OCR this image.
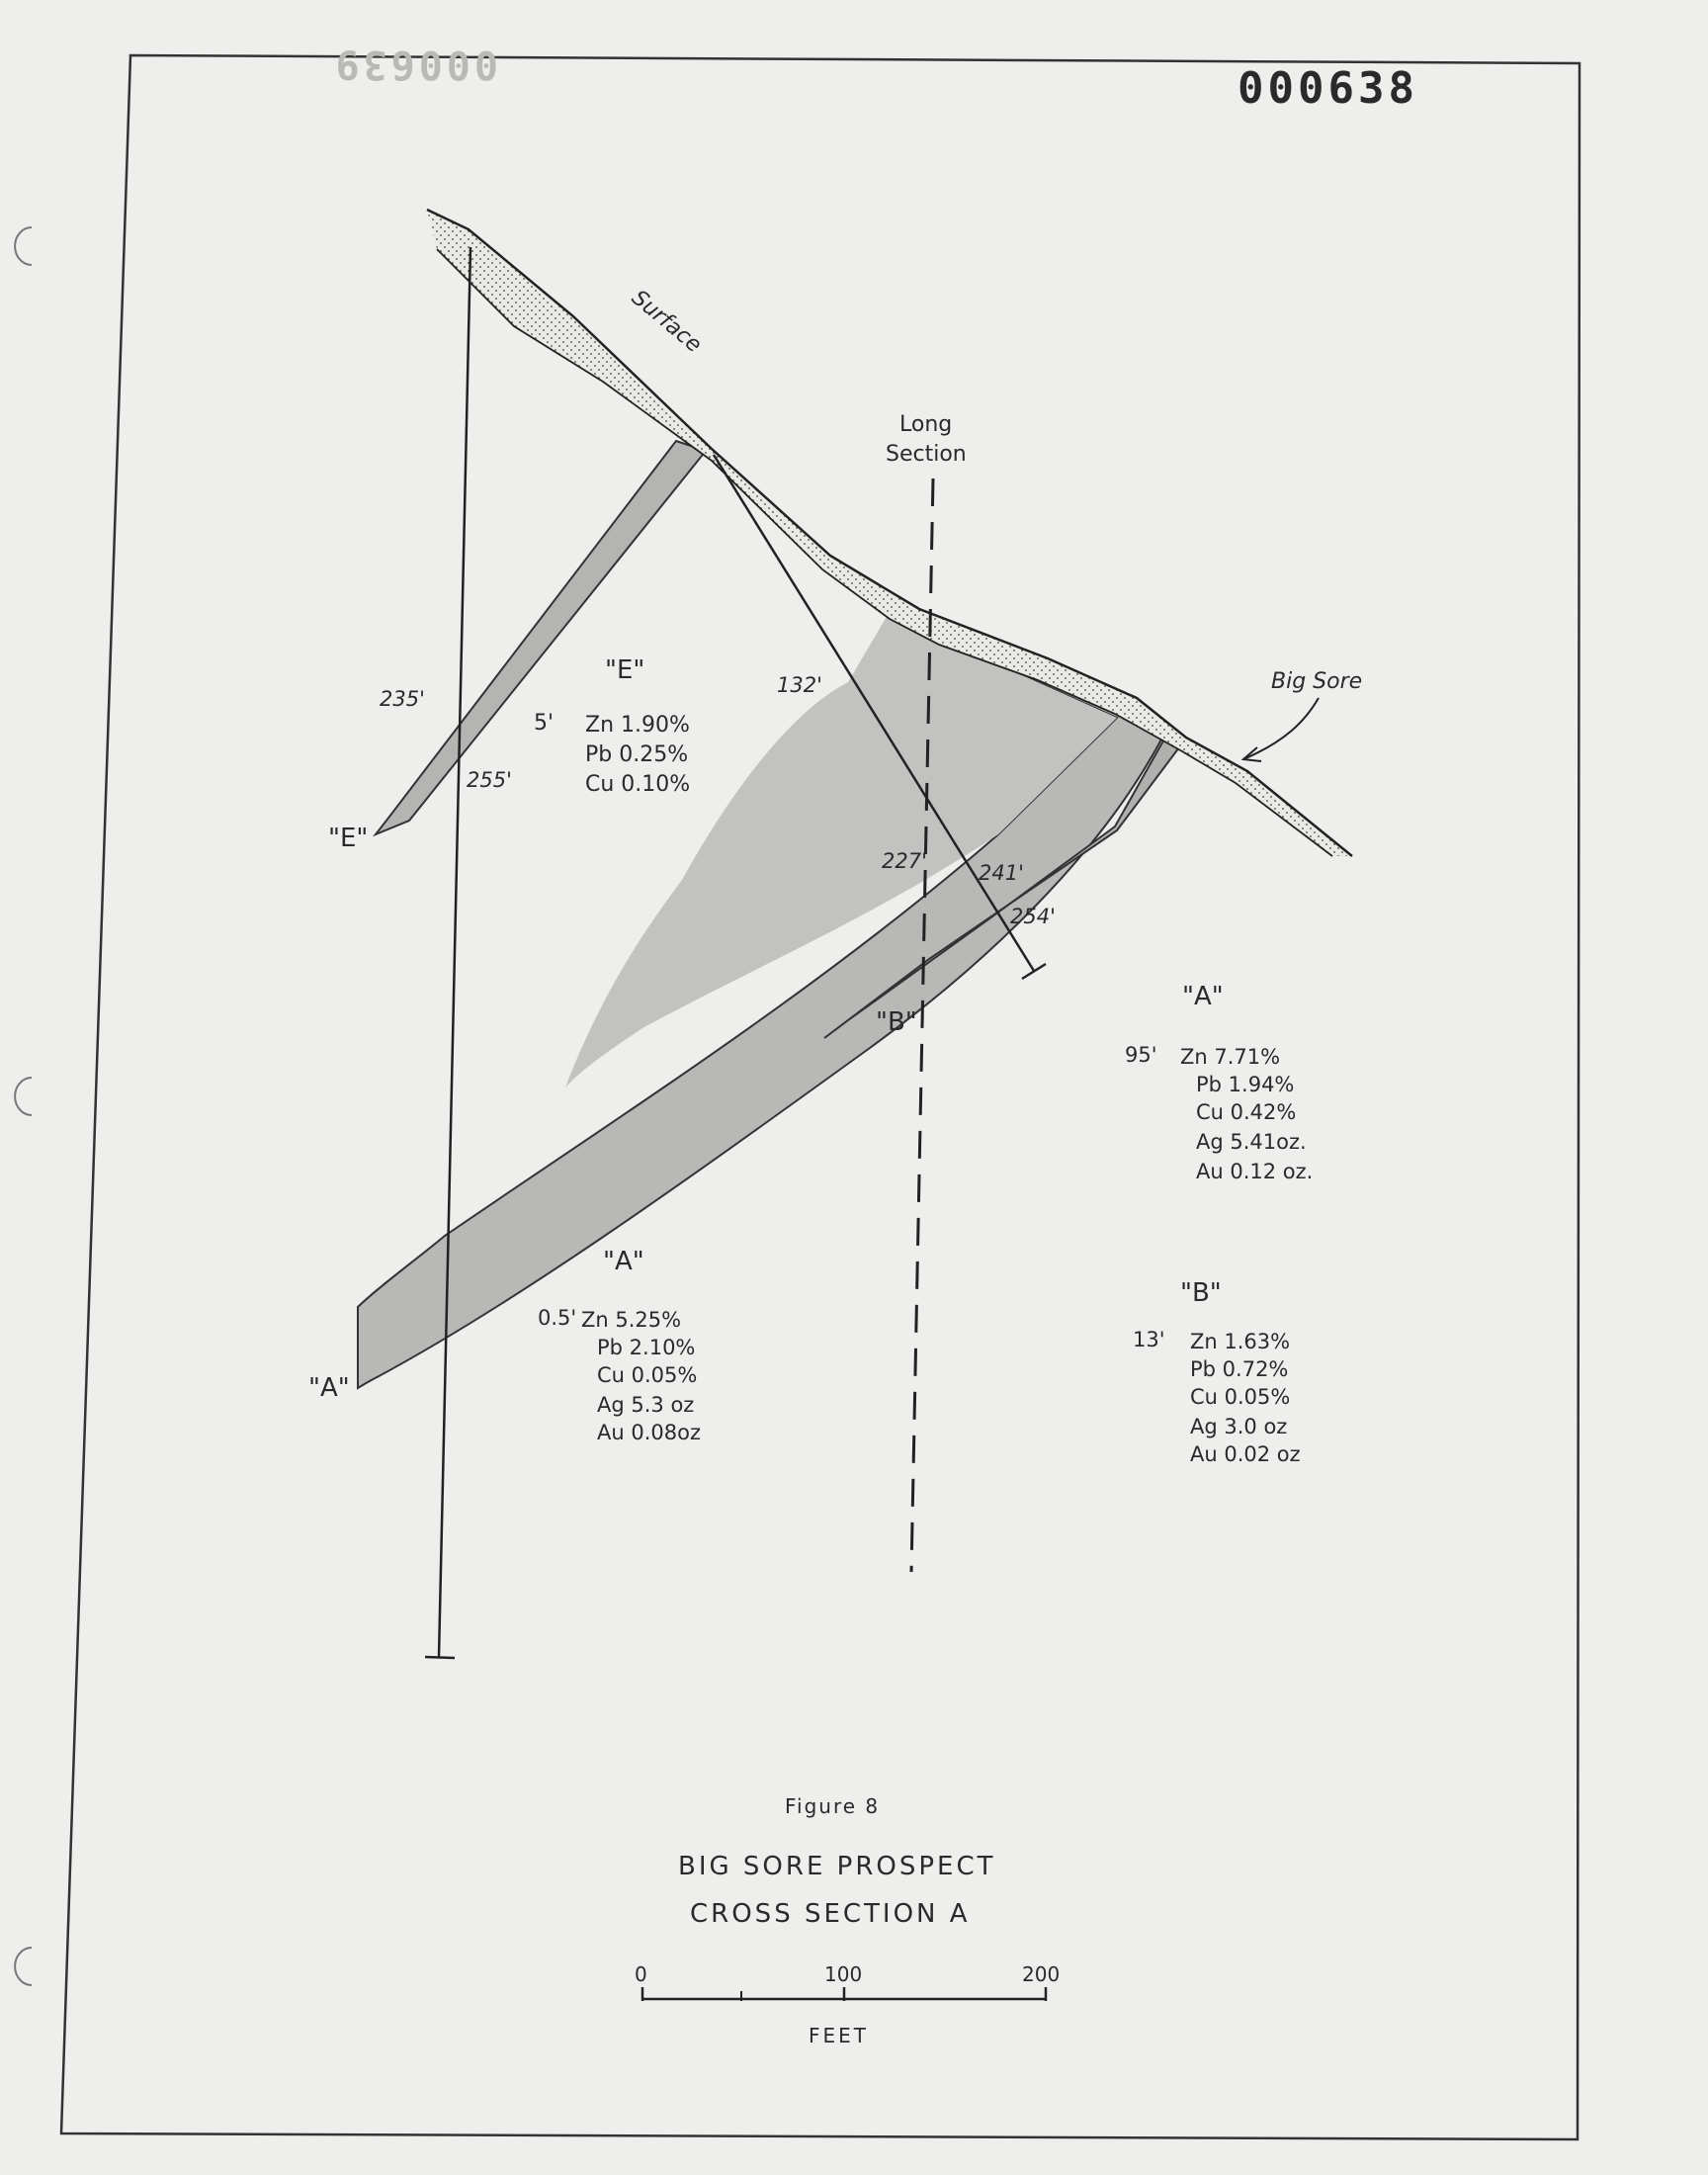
000639	000638
Surface
Long
Section
Big Sore
235'
255'
132'
227' 241'
254'
"E"
"E"
"A"
"A"
"A"
"B"
"B"
5' Zn 1.90%
Pb 0.25%
Cu 0.10%
95' Zn 7.71%
Pb 1.94%
Cu 0.42%
Ag 5.41oz.
Au 0.12 oz.
0.5' Zn 5.25%
Pb 2.10%
Cu 0.05%
Ag 5.3 oz
Au 0.08oz
13' Zn 1.63%
Pb 0.72%
Cu 0.05%
Ag 3.0 oz
Au 0.02 oz
Figure 8
BIG SORE PROSPECT
CROSS SECTION A
0	100	200
FEET
